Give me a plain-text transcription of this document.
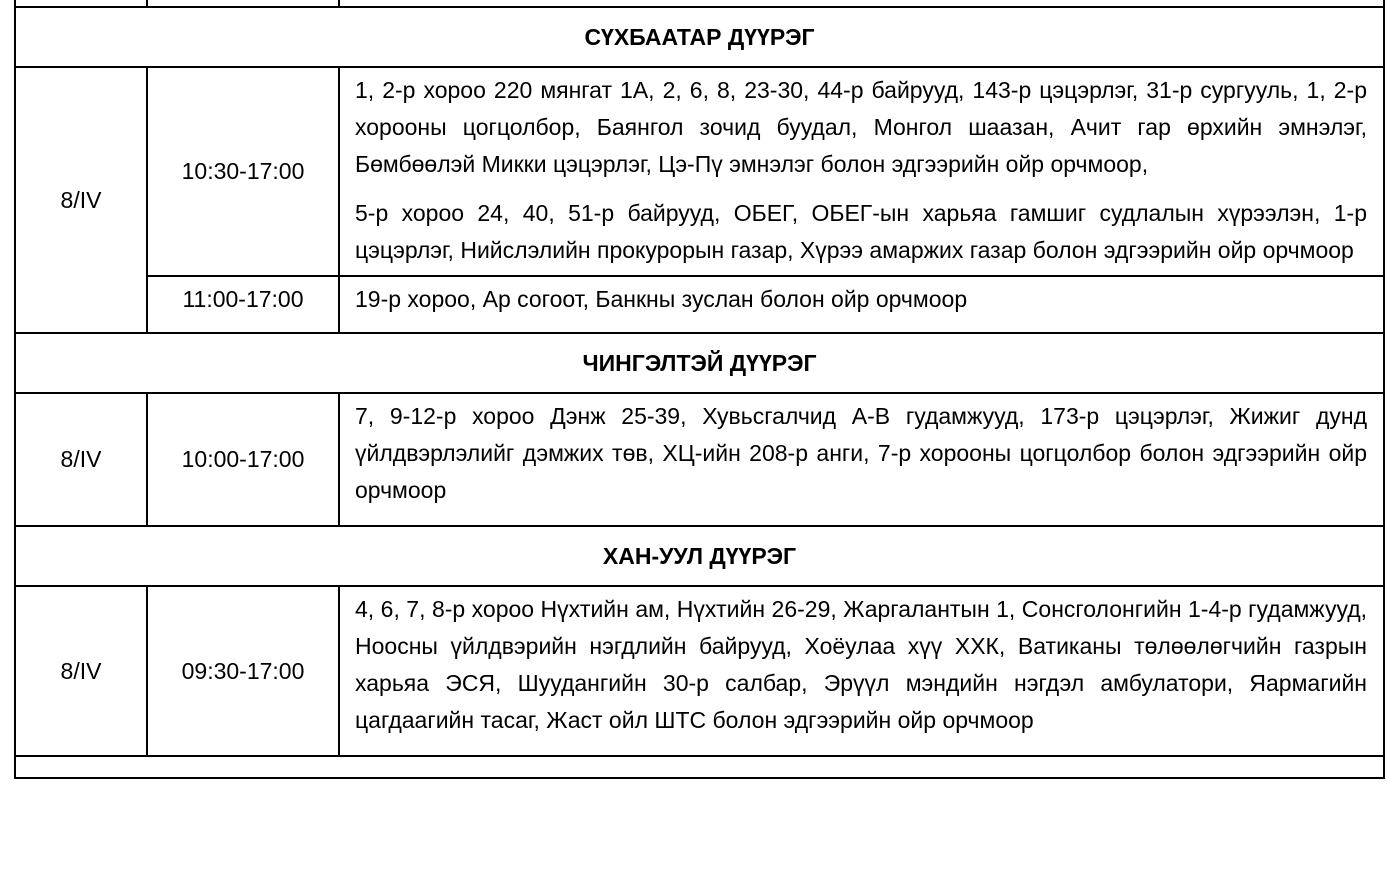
СҮХБААТАР ДҮҮРЭГ		
8/IV	10:30-17:00	1, 2-р хороо 220 мянгат 1А, 2, 6, 8, 23-30, 44-р байрууд, 143-р цэцэрлэг, 31-р сургууль, 1, 2-р хорооны цогцолбор, Баянгол зочид буудал, Монгол шаазан, Ачит гар өрхийн эмнэлэг, Бөмбөөлэй Микки цэцэрлэг, Цэ-Пү эмнэлэг болон эдгээрийн ойр орчмоор,

5-р хороо 24, 40, 51-р байрууд, ОБЕГ, ОБЕГ-ын харьяа гамшиг судлалын хүрээлэн, 1-р цэцэрлэг, Нийслэлийн прокурорын газар, Хүрээ амаржих газар болон эдгээрийн ойр орчмоор

	11:00-17:00	19-р хороо, Ар согоот, Банкны зуслан болон ойр орчмоор

ЧИНГЭЛТЭЙ ДҮҮРЭГ		
8/IV	10:00-17:00	7, 9-12-р хороо Дэнж 25-39, Хувьсгалчид А-В гудамжууд, 173-р цэцэрлэг, Жижиг дунд үйлдвэрлэлийг дэмжих төв, ХЦ-ийн 208-р анги, 7-р хорооны цогцолбор болон эдгээрийн ойр орчмоор

ХАН-УУЛ ДҮҮРЭГ		
8/IV	09:30-17:00	4, 6, 7, 8-р хороо Нүхтийн ам, Нүхтийн 26-29, Жаргалантын 1, Сонсголонгийн 1-4-р гудамжууд, Ноосны үйлдвэрийн нэгдлийн байрууд, Хоёулаа хүү ХХК, Ватиканы төлөөлөгчийн газрын харьяа ЭСЯ, Шуудангийн 30-р салбар, Эрүүл мэндийн нэгдэл амбулатори, Яармагийн цагдаагийн тасаг, Жаст ойл ШТС болон эдгээрийн ойр орчмоор
